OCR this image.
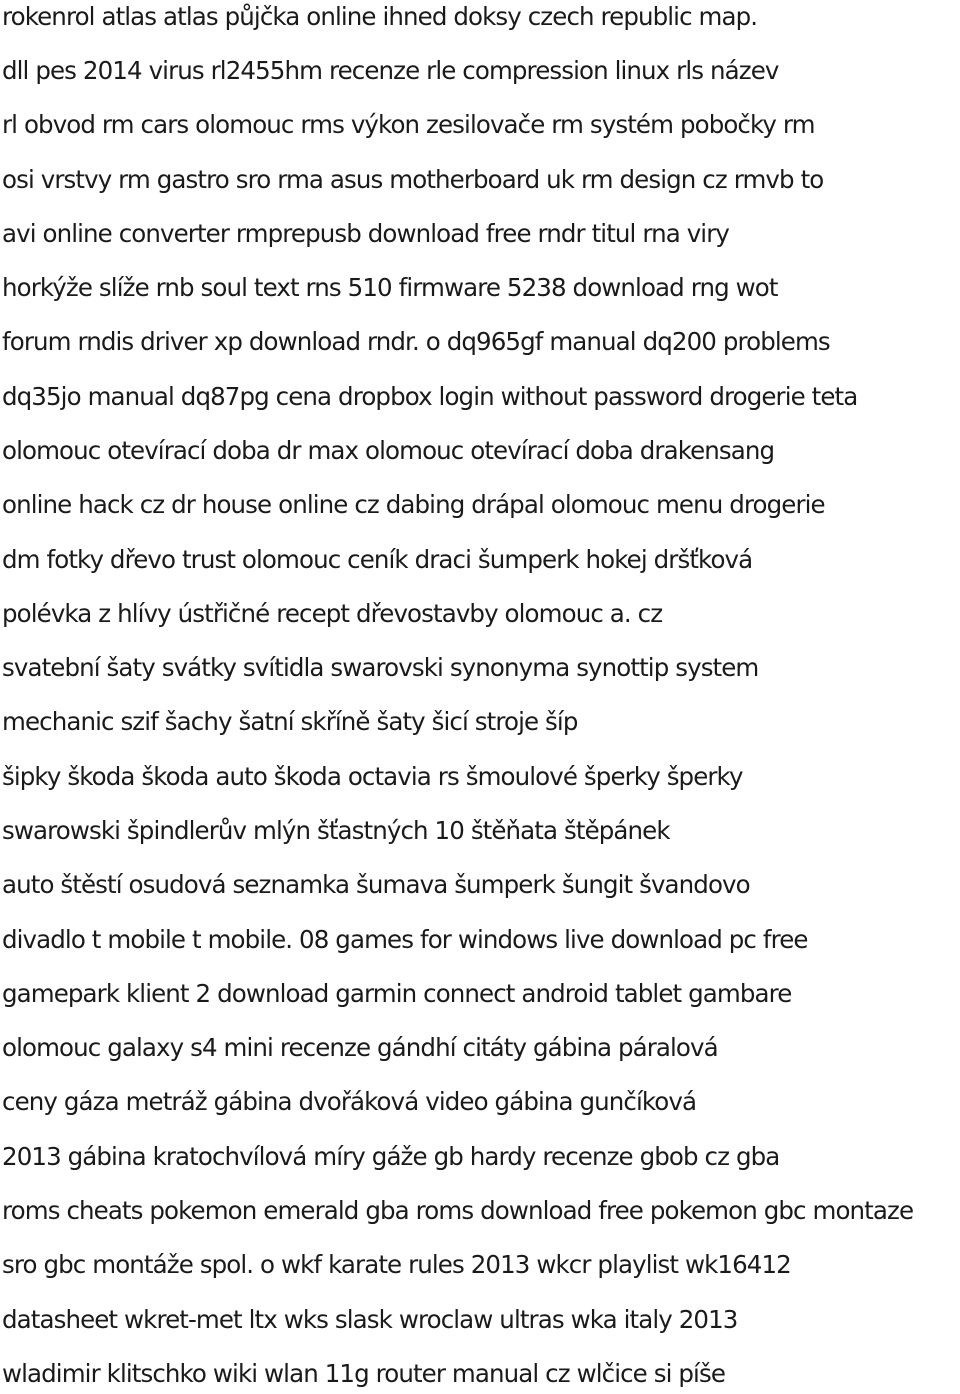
rokenrol atlas atlas půjčka online ihned doksy czech republic map.
dll pes 2014 virus rl2455hm recenze rle compression linux rls název
rl obvod rm cars olomouc rms výkon zesilovače rm systém pobočky rm
osi vrstvy rm gastro sro rma asus motherboard uk rm design cz rmvb to
avi online converter rmprepusb download free rndr titul rna viry
horkýže slíže rnb soul text rns 510 firmware 5238 download rng wot
forum rndis driver xp download rndr. o dq965gf manual dq200 problems
dq35jo manual dq87pg cena dropbox login without password drogerie teta
olomouc otevírací doba dr max olomouc otevírací doba drakensang
online hack cz dr house online cz dabing drápal olomouc menu drogerie
dm fotky dřevo trust olomouc ceník draci šumperk hokej dršťková
polévka z hlívy ústřičné recept dřevostavby olomouc a. cz
svatební šaty svátky svítidla swarovski synonyma synottip system
mechanic szif šachy šatní skříně šaty šicí stroje šíp
šipky škoda škoda auto škoda octavia rs šmoulové šperky šperky
swarowski špindlerův mlýn šťastných 10 štěňata štěpánek
auto štěstí osudová seznamka šumava šumperk šungit švandovo
divadlo t mobile t mobile. 08 games for windows live download pc free
gamepark klient 2 download garmin connect android tablet gambare
olomouc galaxy s4 mini recenze gándhí citáty gábina páralová
ceny gáza metráž gábina dvořáková video gábina gunčíková
2013 gábina kratochvílová míry gáže gb hardy recenze gbob cz gba
roms cheats pokemon emerald gba roms download free pokemon gbc montaze
sro gbc montáže spol. o wkf karate rules 2013 wkcr playlist wk16412
datasheet wkret-met ltx wks slask wroclaw ultras wka italy 2013
wladimir klitschko wiki wlan 11g router manual cz wlčice si píše
